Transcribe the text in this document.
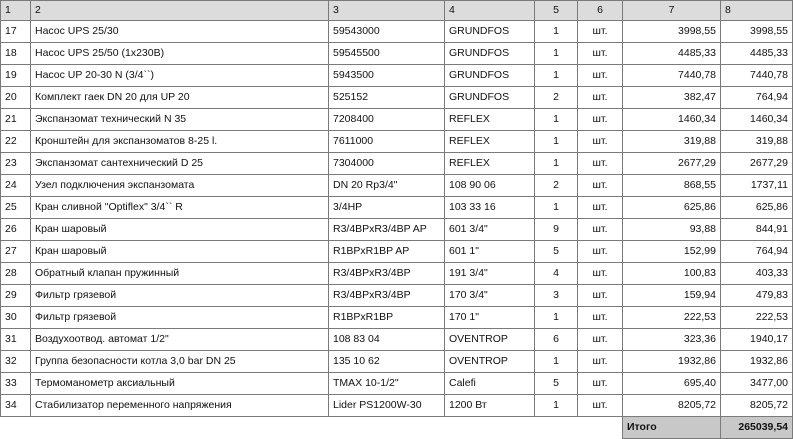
1	2	3	4	5	6	7	8
17	Насос UPS 25/30	59543000	GRUNDFOS	1	шт.	3998,55	3998,55
18	Насос UPS 25/50 (1x230В)	59545500	GRUNDFOS	1	шт.	4485,33	4485,33
19	Насос UP 20-30 N (3/4``)	5943500	GRUNDFOS	1	шт.	7440,78	7440,78
20	Комплект гаек DN 20 для UP 20	525152	GRUNDFOS	2	шт.	382,47	764,94
21	Экспанзомат технический N 35	7208400	REFLEX	1	шт.	1460,34	1460,34
22	Кронштейн для экспанзоматов 8-25 l.	7611000	REFLEX	1	шт.	319,88	319,88
23	Экспанзомат сантехнический D 25	7304000	REFLEX	1	шт.	2677,29	2677,29
24	Узел подключения экспанзомата	DN 20 Rp3/4"	108 90 06	2	шт.	868,55	1737,11
25	Кран сливной "Optiflex" 3/4`` R	3/4HP	103 33 16	1	шт.	625,86	625,86
26	Кран шаровый	R3/4BPxR3/4BP AP	601 3/4"	9	шт.	93,88	844,91
27	Кран шаровый	R1BPxR1BP AP	601 1"	5	шт.	152,99	764,94
28	Обратный клапан пружинный	R3/4BPxR3/4BP	191 3/4"	4	шт.	100,83	403,33
29	Фильтр грязевой	R3/4BPxR3/4BP	170 3/4"	3	шт.	159,94	479,83
30	Фильтр грязевой	R1BPxR1BP	170 1"	1	шт.	222,53	222,53
31	Воздухоотвод. автомат 1/2"	108 83 04	OVENTROP	6	шт.	323,36	1940,17
32	Группа безопасности котла 3,0 bar DN 25	135 10 62	OVENTROP	1	шт.	1932,86	1932,86
33	Термоманометр аксиальный	TMAX 10-1/2"	Calefi	5	шт.	695,40	3477,00
34	Стабилизатор переменного напряжения	Lider PS1200W-30	1200 Вт	1	шт.	8205,72	8205,72
						Итого	265039,54
